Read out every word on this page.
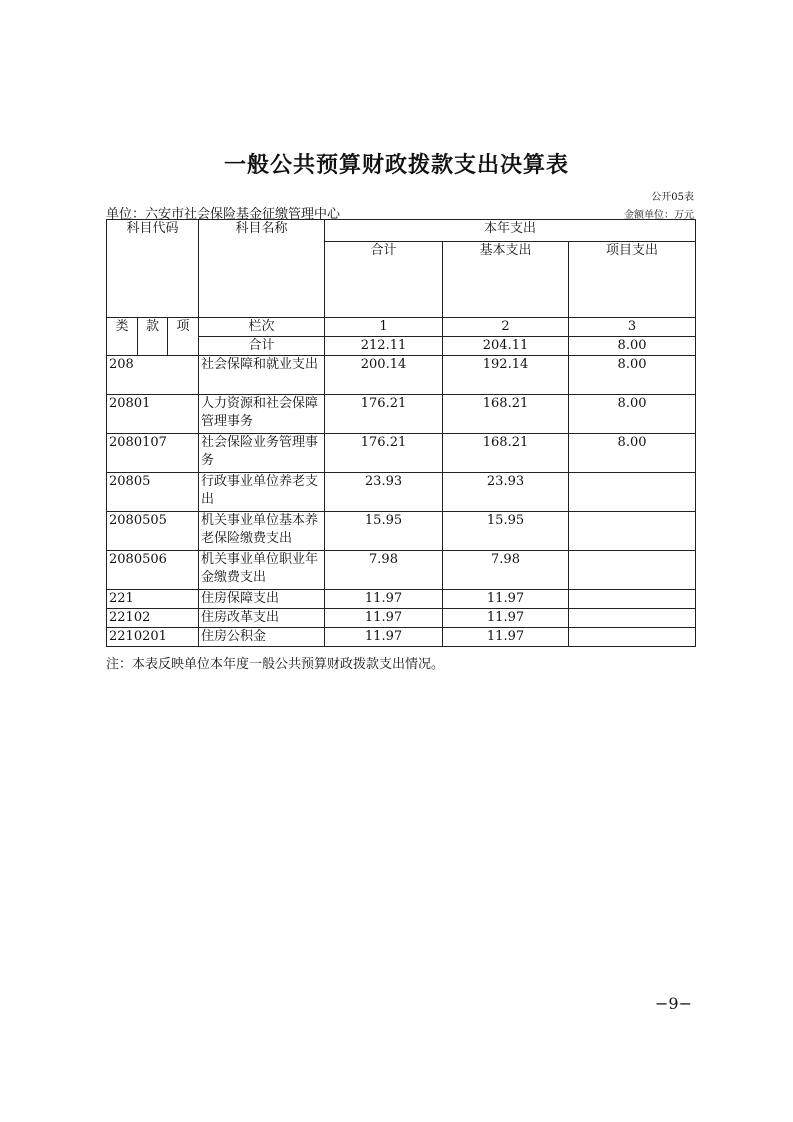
一般公共预算财政拨款支出决算表
公开05表
单位：六安市社会保险基金征缴管理中心	金额单位：万元
科目代码			科目名称	本年支出		
				合计	基本支出	项目支出
类	款	项	栏次	1	2	3
			合计	212.11	204.11	8.00
208			社会保障和就业支出	200.14	192.14	8.00
20801			人力资源和社会保障管理事务	176.21	168.21	8.00
2080107			社会保险业务管理事务	176.21	168.21	8.00
20805			行政事业单位养老支出	23.93	23.93	
2080505			机关事业单位基本养老保险缴费支出	15.95	15.95	
2080506			机关事业单位职业年金缴费支出	7.98	7.98	
221			住房保障支出	11.97	11.97	
22102			住房改革支出	11.97	11.97	
2210201			住房公积金	11.97	11.97	
注：本表反映单位本年度一般公共预算财政拨款支出情况。
−9−
